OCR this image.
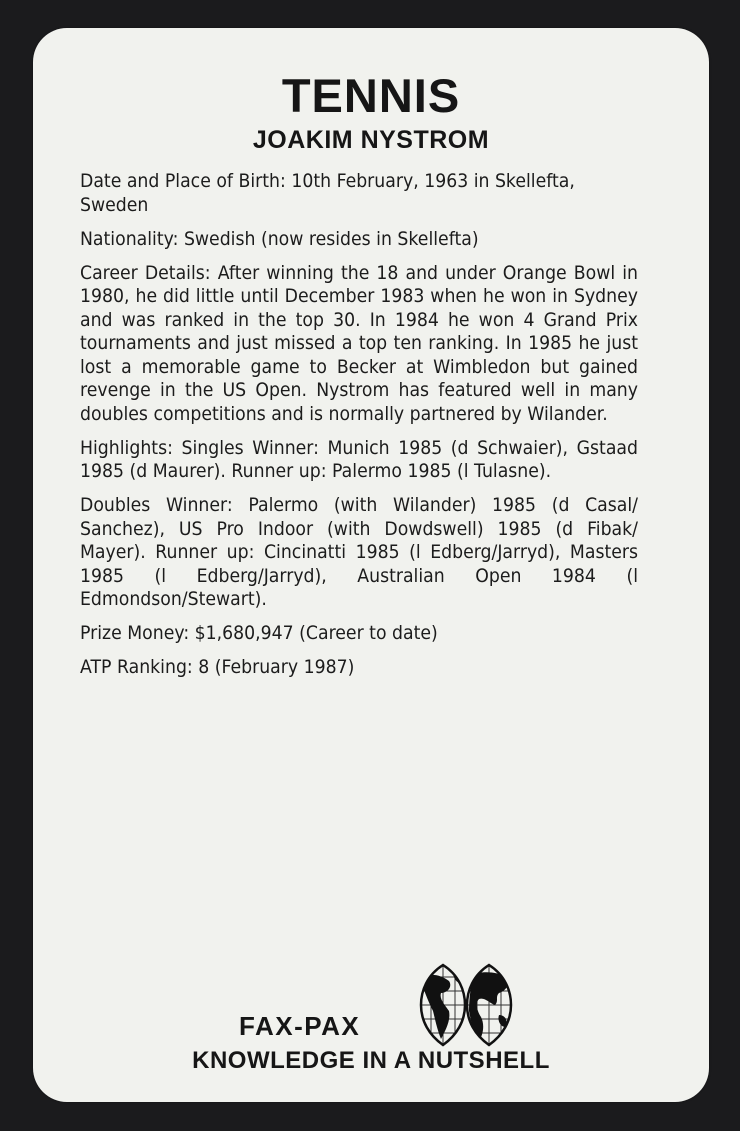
TENNIS
JOAKIM NYSTROM

Date and Place of Birth: 10th February, 1963 in Skellefta, Sweden

Nationality: Swedish (now resides in Skellefta)

Career Details: After winning the 18 and under Orange Bowl in 1980, he did little until December 1983 when he won in Sydney and was ranked in the top 30. In 1984 he won 4 Grand Prix tournaments and just missed a top ten ranking. In 1985 he just lost a memorable game to Becker at Wimbledon but gained revenge in the US Open. Nystrom has featured well in many doubles competitions and is normally partnered by Wilander.

Highlights: Singles Winner: Munich 1985 (d Schwaier), Gstaad 1985 (d Maurer). Runner up: Palermo 1985 (l Tulasne).

Doubles Winner: Palermo (with Wilander) 1985 (d Casal/ Sanchez), US Pro Indoor (with Dowdswell) 1985 (d Fibak/ Mayer). Runner up: Cincinatti 1985 (l Edberg/Jarryd), Masters 1985 (l Edberg/Jarryd), Australian Open 1984 (l Edmondson/Stewart).

Prize Money: $1,680,947 (Career to date)

ATP Ranking: 8 (February 1987)

FAX-PAX
KNOWLEDGE IN A NUTSHELL
